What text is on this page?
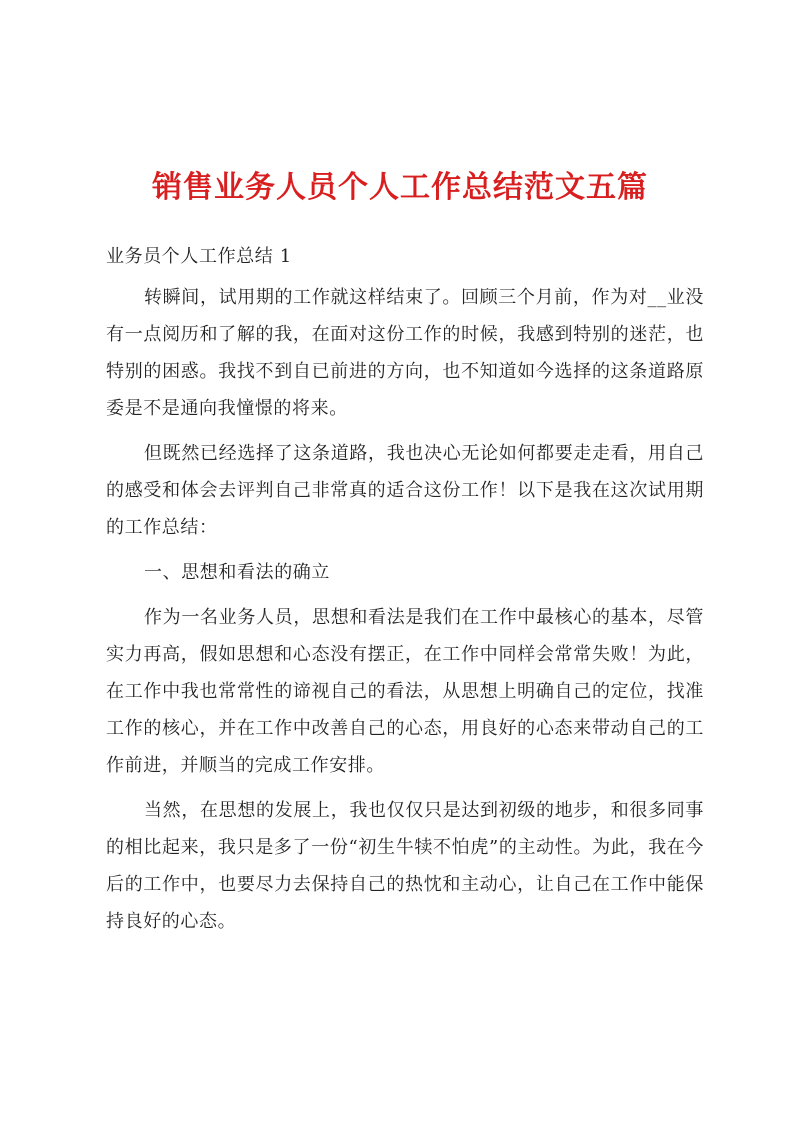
销售业务人员个人工作总结范文五篇

业务员个人工作总结 1

转瞬间，试用期的工作就这样结束了。回顾三个月前，作为对__业没有一点阅历和了解的我，在面对这份工作的时候，我感到特别的迷茫，也特别的困惑。我找不到自已前进的方向，也不知道如今选择的这条道路原委是不是通向我憧憬的将来。

但既然已经选择了这条道路，我也决心无论如何都要走走看，用自己的感受和体会去评判自己非常真的适合这份工作！以下是我在这次试用期的工作总结：

一、思想和看法的确立

作为一名业务人员，思想和看法是我们在工作中最核心的基本，尽管实力再高，假如思想和心态没有摆正，在工作中同样会常常失败！为此，在工作中我也常常性的谛视自己的看法，从思想上明确自己的定位，找准工作的核心，并在工作中改善自己的心态，用良好的心态来带动自己的工作前进，并顺当的完成工作安排。

当然，在思想的发展上，我也仅仅只是达到初级的地步，和很多同事的相比起来，我只是多了一份“初生牛犊不怕虎”的主动性。为此，我在今后的工作中，也要尽力去保持自己的热忱和主动心，让自己在工作中能保持良好的心态。
